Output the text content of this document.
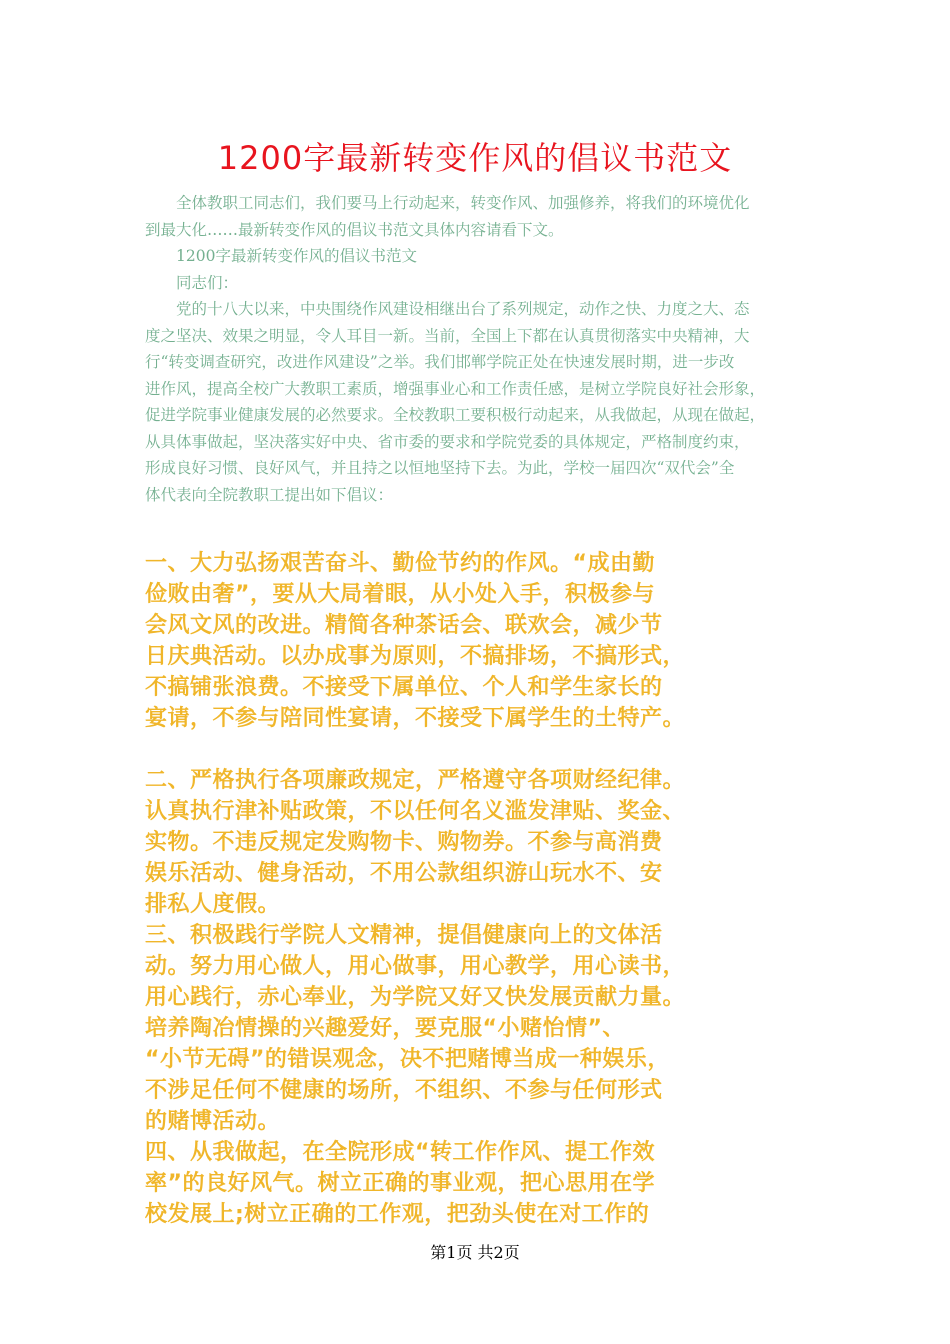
1200字最新转变作风的倡议书范文
全体教职工同志们，我们要马上行动起来，转变作风、加强修养，将我们的环境优化
到最大化……最新转变作风的倡议书范文具体内容请看下文。
1200字最新转变作风的倡议书范文
同志们：
党的十八大以来，中央围绕作风建设相继出台了系列规定，动作之快、力度之大、态
度之坚决、效果之明显，令人耳目一新。当前，全国上下都在认真贯彻落实中央精神，大
行“转变调查研究，改进作风建设”之举。我们邯郸学院正处在快速发展时期，进一步改
进作风，提高全校广大教职工素质，增强事业心和工作责任感，是树立学院良好社会形象，
促进学院事业健康发展的必然要求。全校教职工要积极行动起来，从我做起，从现在做起，
从具体事做起，坚决落实好中央、省市委的要求和学院党委的具体规定，严格制度约束，
形成良好习惯、良好风气，并且持之以恒地坚持下去。为此，学校一届四次“双代会”全
体代表向全院教职工提出如下倡议：
一、大力弘扬艰苦奋斗、勤俭节约的作风。“成由勤
俭败由奢”，要从大局着眼，从小处入手，积极参与
会风文风的改进。精简各种茶话会、联欢会，减少节
日庆典活动。以办成事为原则，不搞排场，不搞形式，
不搞铺张浪费。不接受下属单位、个人和学生家长的
宴请，不参与陪同性宴请，不接受下属学生的土特产。
二、严格执行各项廉政规定，严格遵守各项财经纪律。
认真执行津补贴政策，不以任何名义滥发津贴、奖金、
实物。不违反规定发购物卡、购物券。不参与高消费
娱乐活动、健身活动，不用公款组织游山玩水不、安
排私人度假。
三、积极践行学院人文精神，提倡健康向上的文体活
动。努力用心做人，用心做事，用心教学，用心读书，
用心践行，赤心奉业，为学院又好又快发展贡献力量。
培养陶冶情操的兴趣爱好，要克服“小赌怡情”、
“小节无碍”的错误观念，决不把赌博当成一种娱乐，
不涉足任何不健康的场所，不组织、不参与任何形式
的赌博活动。
四、从我做起，在全院形成“转工作作风、提工作效
率”的良好风气。树立正确的事业观，把心思用在学
校发展上;树立正确的工作观，把劲头使在对工作的
第1页 共2页
